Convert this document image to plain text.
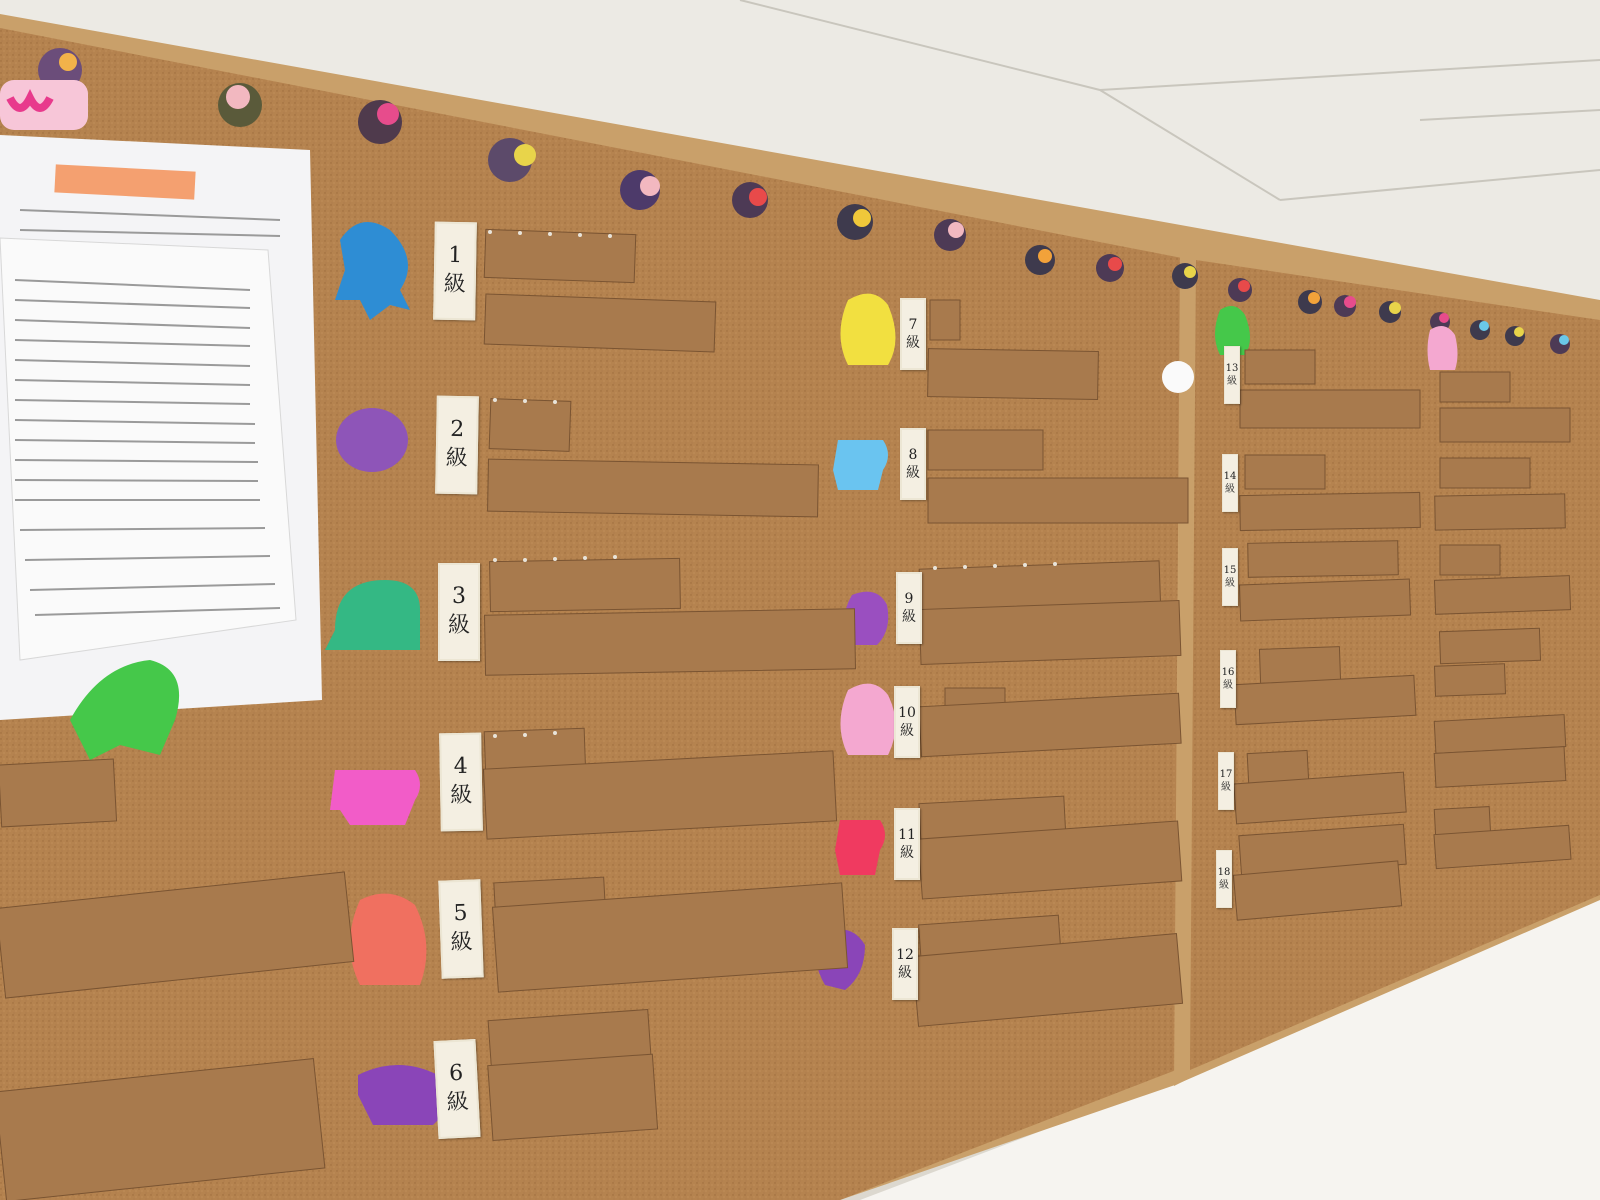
1
級
2
級
3
級
4
級
5
級
6
級
7
級
8
級
9
級
10
級
11
級
12
級
13
級
14
級
15
級
16
級
17
級
18
級
